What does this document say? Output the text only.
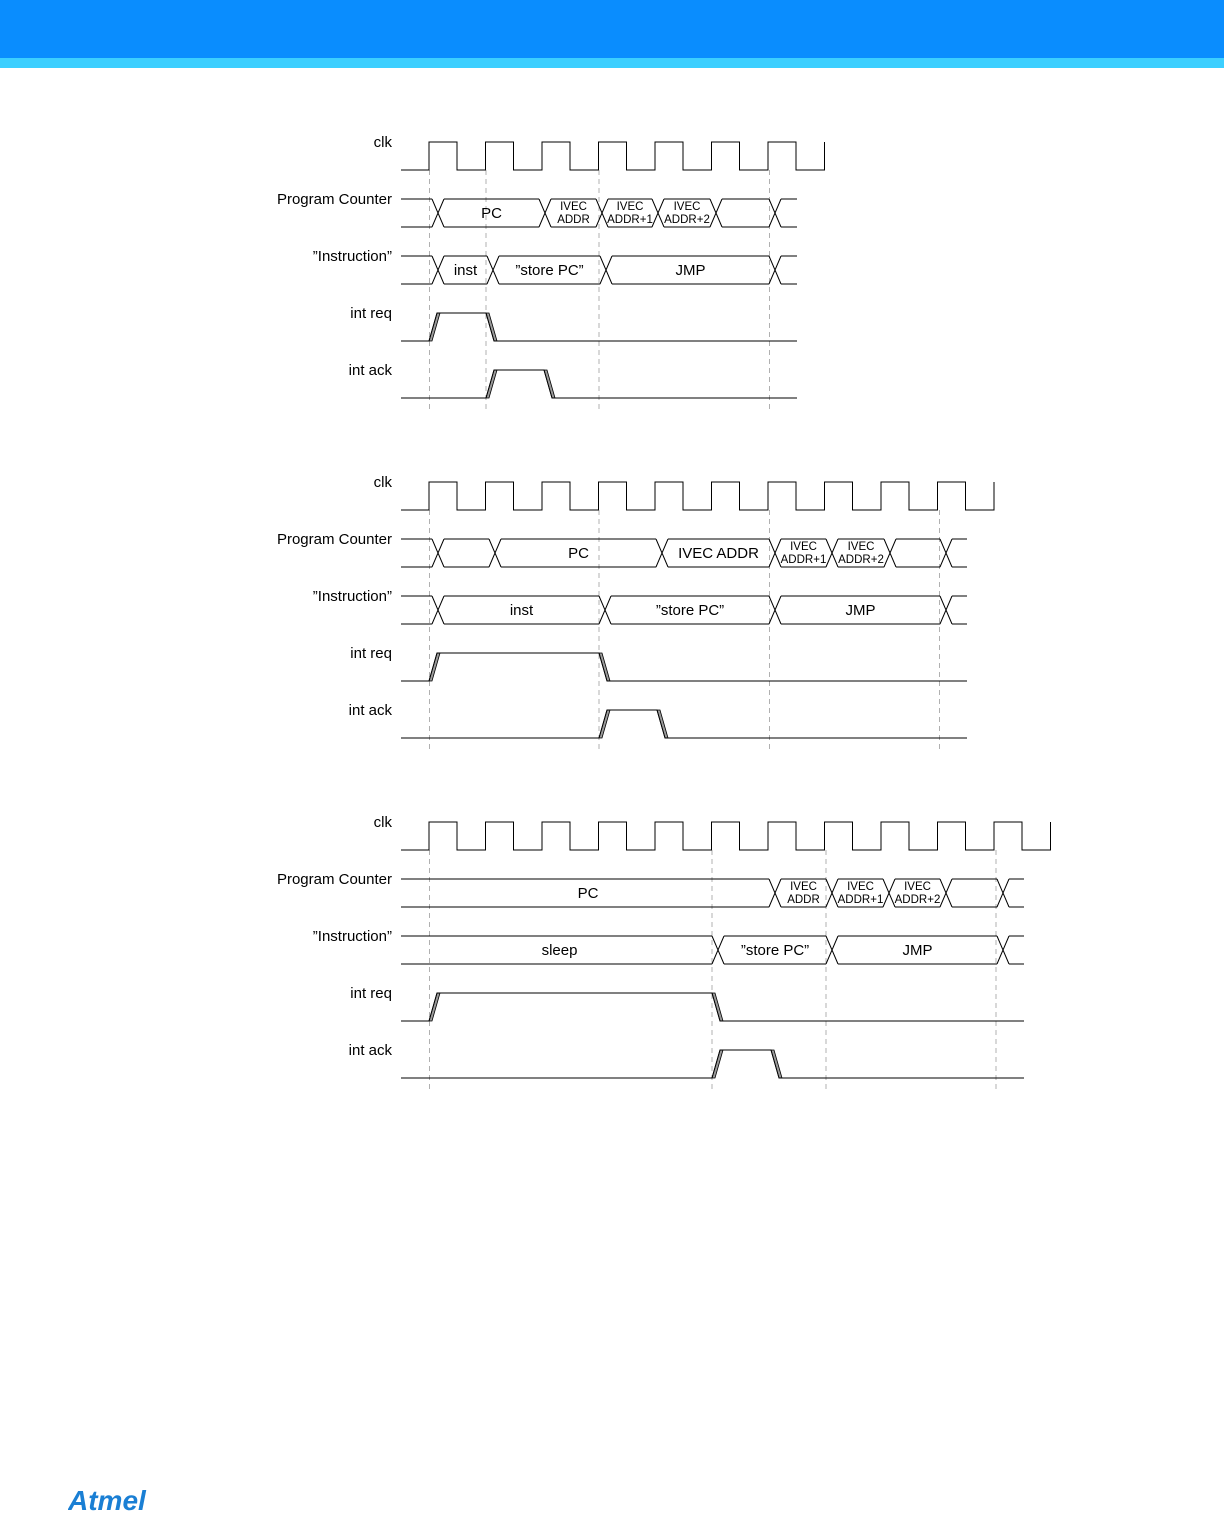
clk
Program Counter
”Instruction”
int req
int ack
PC	IVEC
ADDR
IVEC
ADDR+1
IVEC
ADDR+2
inst	”store PC”	JMP
clk
Program Counter
”Instruction”
int req
int ack
PC	IVEC ADDR	IVEC
ADDR+1
IVEC
ADDR+2
inst	”store PC”	JMP
clk
Program Counter
”Instruction”
int req
int ack
PC	IVEC
ADDR
IVEC
ADDR+1
IVEC
ADDR+2
sleep	”store PC”	JMP
Atmel
